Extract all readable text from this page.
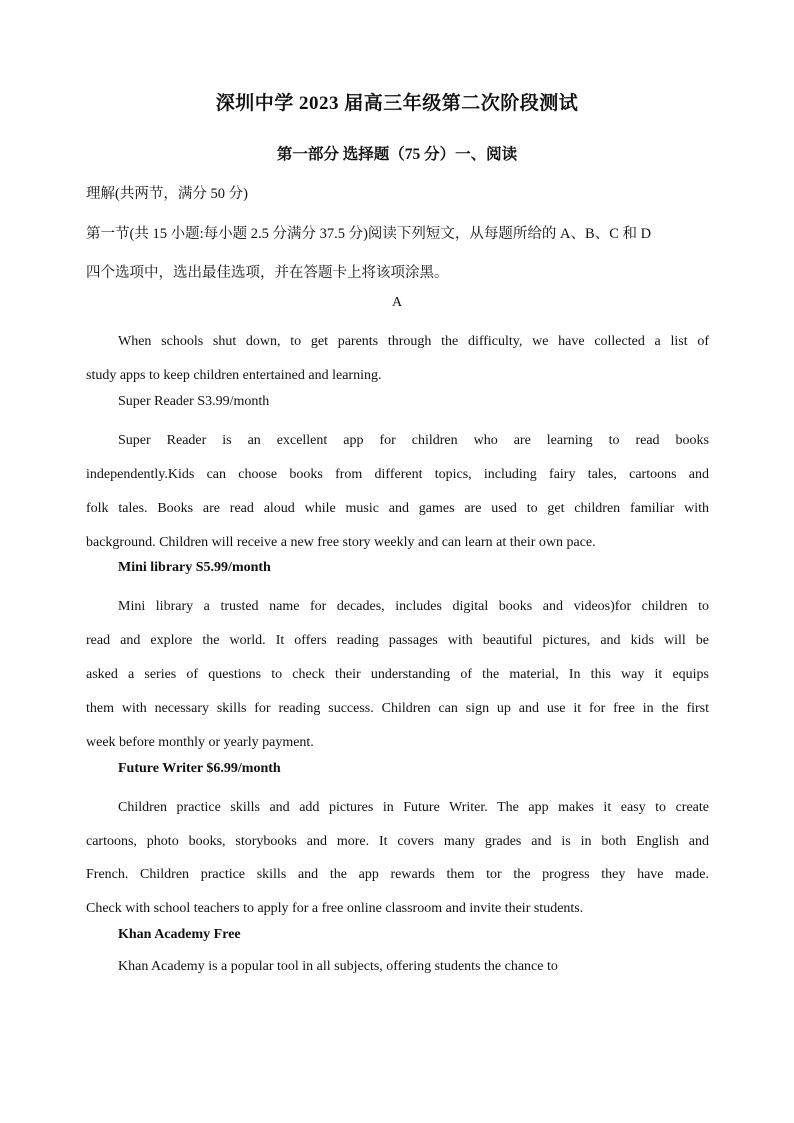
深圳中学 2023 届高三年级第二次阶段测试
第一部分 选择题（75 分）一、阅读
理解(共两节，满分 50 分)
第一节(共 15 小题:每小题 2.5 分满分 37.5 分)阅读下列短文，从每题所给的 A、B、C 和 D
四个选项中，选出最佳选项，并在答题卡上将该项涂黑。
A
When schools shut down, to get parents through the difficulty, we have collected a list of
study apps to keep children entertained and learning.
Super Reader S3.99/month
Super Reader is an excellent app for children who are learning to read books
independently.Kids can choose books from different topics, including fairy tales, cartoons and
folk tales. Books are read aloud while music and games are used to get children familiar with
background. Children will receive a new free story weekly and can learn at their own pace.
Mini library S5.99/month
Mini library a trusted name for decades, includes digital books and videos)for children to
read and explore the world. It offers reading passages with beautiful pictures, and kids will be
asked a series of questions to check their understanding of the material, In this way it equips
them with necessary skills for reading success. Children can sign up and use it for free in the first
week before monthly or yearly payment.
Future Writer $6.99/month
Children practice skills and add pictures in Future Writer. The app makes it easy to create
cartoons, photo books, storybooks and more. It covers many grades and is in both English and
French. Children practice skills and the app rewards them tor the progress they have made.
Check with school teachers to apply for a free online classroom and invite their students.
Khan Academy Free
Khan Academy is a popular tool in all subjects, offering students the chance to
